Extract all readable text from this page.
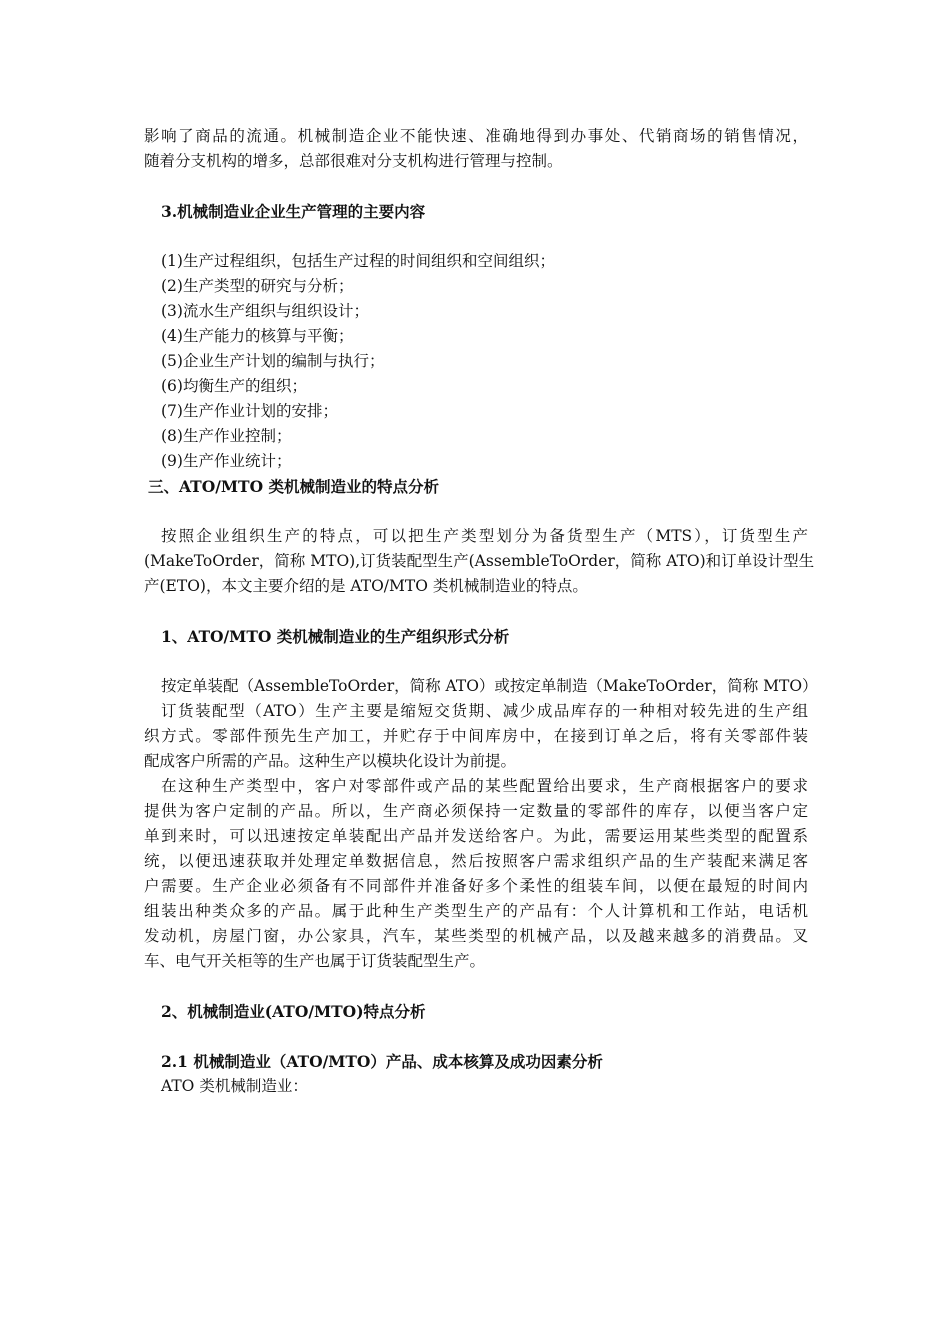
影响了商品的流通。机械制造企业不能快速、准确地得到办事处、代销商场的销售情况，
随着分支机构的增多，总部很难对分支机构进行管理与控制。
3.机械制造业企业生产管理的主要内容
(1)生产过程组织，包括生产过程的时间组织和空间组织；
(2)生产类型的研究与分析；
(3)流水生产组织与组织设计；
(4)生产能力的核算与平衡；
(5)企业生产计划的编制与执行；
(6)均衡生产的组织；
(7)生产作业计划的安排；
(8)生产作业控制；
(9)生产作业统计；
三、ATO/MTO 类机械制造业的特点分析
按照企业组织生产的特点，可以把生产类型划分为备货型生产（MTS），订货型生产
(MakeToOrder，简称 MTO),订货装配型生产(AssembleToOrder，简称 ATO)和订单设计型生
产(ETO)，本文主要介绍的是 ATO/MTO 类机械制造业的特点。
1、ATO/MTO 类机械制造业的生产组织形式分析
按定单装配（AssembleToOrder，简称 ATO）或按定单制造（MakeToOrder，简称 MTO）
订货装配型（ATO）生产主要是缩短交货期、减少成品库存的一种相对较先进的生产组
织方式。零部件预先生产加工，并贮存于中间库房中，在接到订单之后，将有关零部件装
配成客户所需的产品。这种生产以模块化设计为前提。
在这种生产类型中，客户对零部件或产品的某些配置给出要求，生产商根据客户的要求
提供为客户定制的产品。所以，生产商必须保持一定数量的零部件的库存，以便当客户定
单到来时，可以迅速按定单装配出产品并发送给客户。为此，需要运用某些类型的配置系
统，以便迅速获取并处理定单数据信息，然后按照客户需求组织产品的生产装配来满足客
户需要。生产企业必须备有不同部件并准备好多个柔性的组装车间，以便在最短的时间内
组装出种类众多的产品。属于此种生产类型生产的产品有：个人计算机和工作站，电话机
发动机，房屋门窗，办公家具，汽车，某些类型的机械产品，以及越来越多的消费品。叉
车、电气开关柜等的生产也属于订货装配型生产。
2、机械制造业(ATO/MTO)特点分析
2.1 机械制造业（ATO/MTO）产品、成本核算及成功因素分析
ATO 类机械制造业：
